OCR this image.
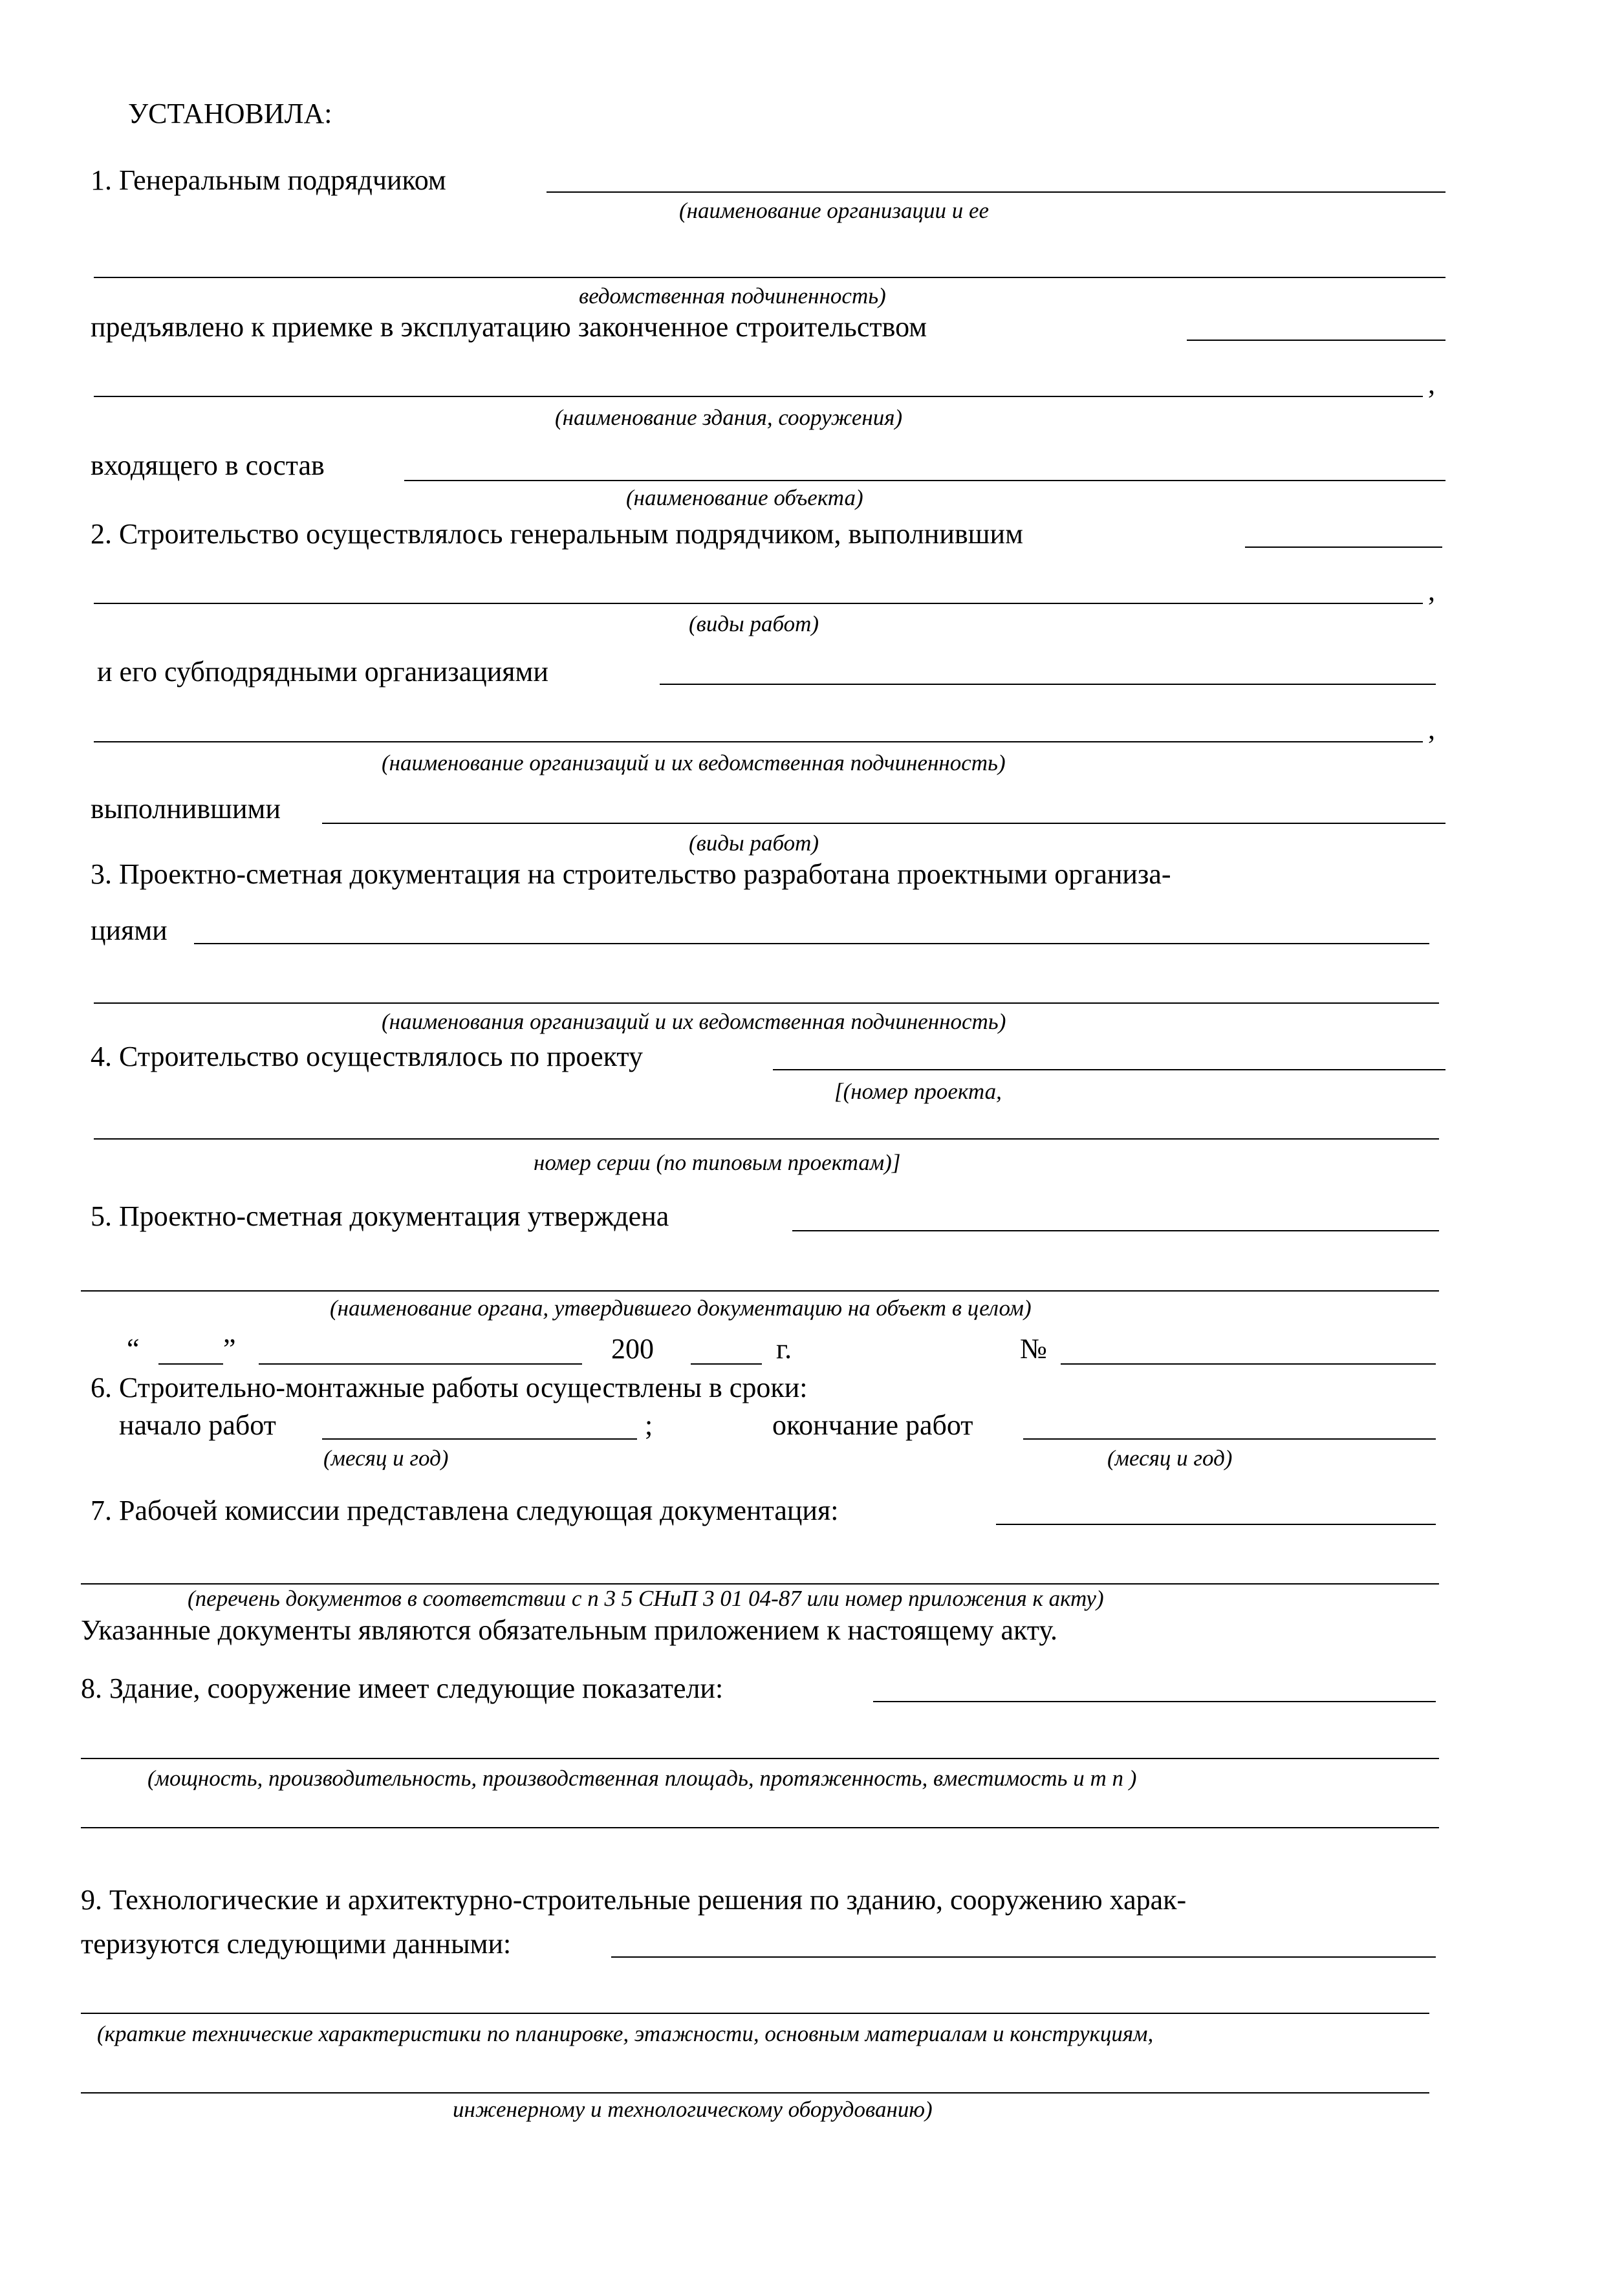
УСТАНОВИЛА:
1. Генеральным подрядчиком
(наименование организации и ее
ведомственная подчиненность)
предъявлено к приемке в эксплуатацию законченное строительством
,
(наименование здания, сооружения)
входящего в состав
(наименование объекта)
2. Строительство осуществлялось генеральным подрядчиком, выполнившим
,
(виды работ)
и его субподрядными организациями
,
(наименование организаций и их ведомственная подчиненность)
выполнившими
(виды работ)
3. Проектно-сметная документация на строительство разработана проектными организа-
циями
(наименования организаций и их ведомственная подчиненность)
4. Строительство осуществлялось по проекту
[(номер проекта,
номер серии (по типовым проектам)]
5. Проектно-сметная документация утверждена
(наименование органа, утвердившего документацию на объект в целом)
“	”	200	г.	№
6. Строительно-монтажные работы осуществлены в сроки:
начало работ	;	окончание работ
(месяц и год)	(месяц и год)
7. Рабочей комиссии представлена следующая документация:
(перечень документов в соответствии с п 3 5 СНиП 3 01 04-87 или номер приложения к акту)
Указанные документы являются обязательным приложением к настоящему акту.
8. Здание, сооружение имеет следующие показатели:
(мощность, производительность, производственная площадь, протяженность, вместимость и т п )
9. Технологические и архитектурно-строительные решения по зданию, сооружению харак-
теризуются следующими данными:
(краткие технические характеристики по планировке, этажности, основным материалам и конструкциям,
инженерному и технологическому оборудованию)
